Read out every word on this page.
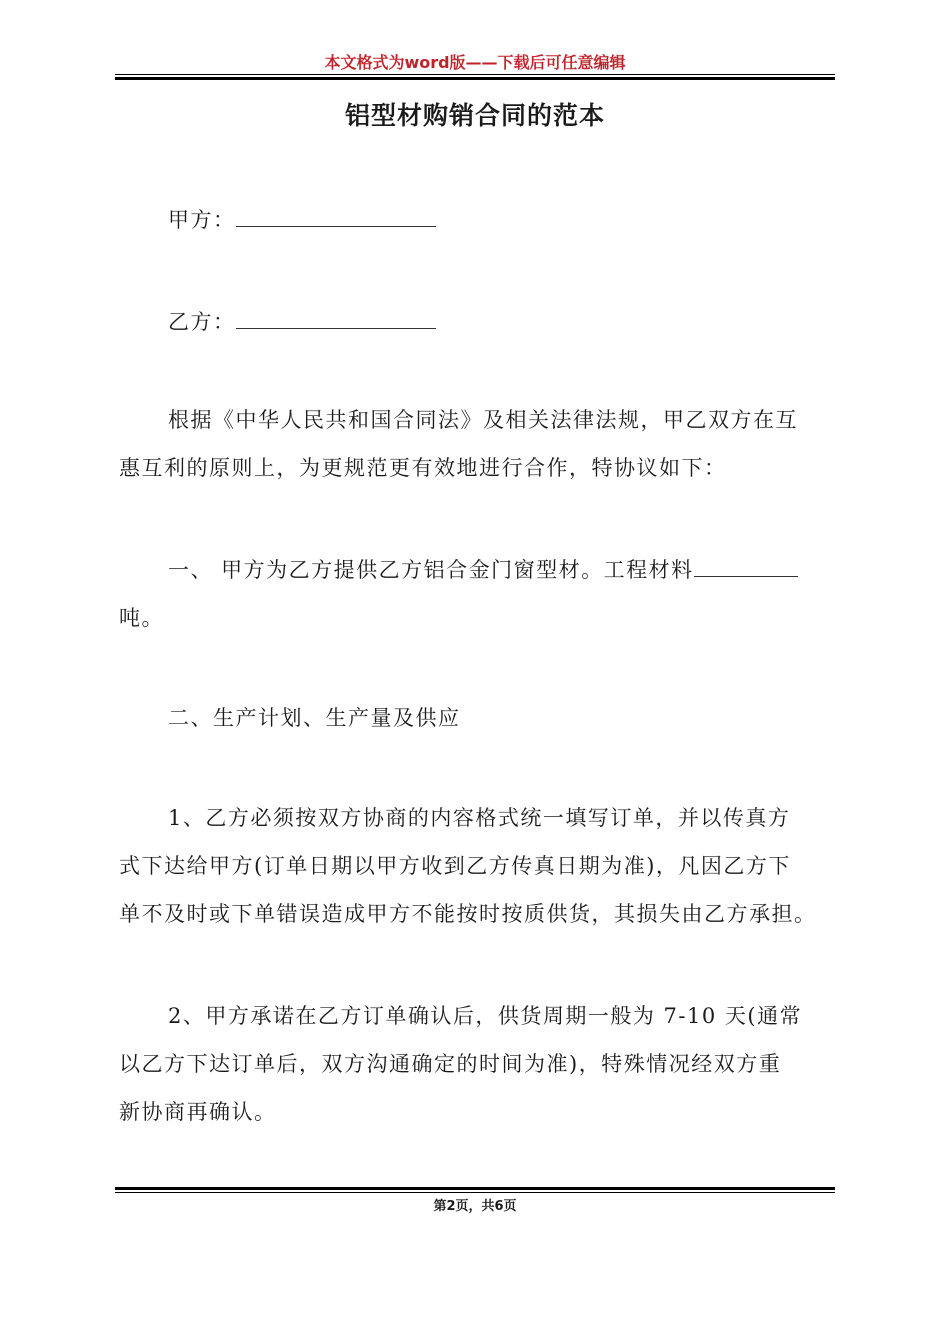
本文格式为word版——下载后可任意编辑
铝型材购销合同的范本
甲方：
乙方：
根据《中华人民共和国合同法》及相关法律法规，甲乙双方在互
惠互利的原则上，为更规范更有效地进行合作，特协议如下：
一、 甲方为乙方提供乙方铝合金门窗型材。工程材料
吨。
二、生产计划、生产量及供应
1、乙方必须按双方协商的内容格式统一填写订单，并以传真方
式下达给甲方(订单日期以甲方收到乙方传真日期为准)，凡因乙方下
单不及时或下单错误造成甲方不能按时按质供货，其损失由乙方承担。
2、甲方承诺在乙方订单确认后，供货周期一般为 7-10 天(通常
以乙方下达订单后，双方沟通确定的时间为准)，特殊情况经双方重
新协商再确认。
第2页，共6页
